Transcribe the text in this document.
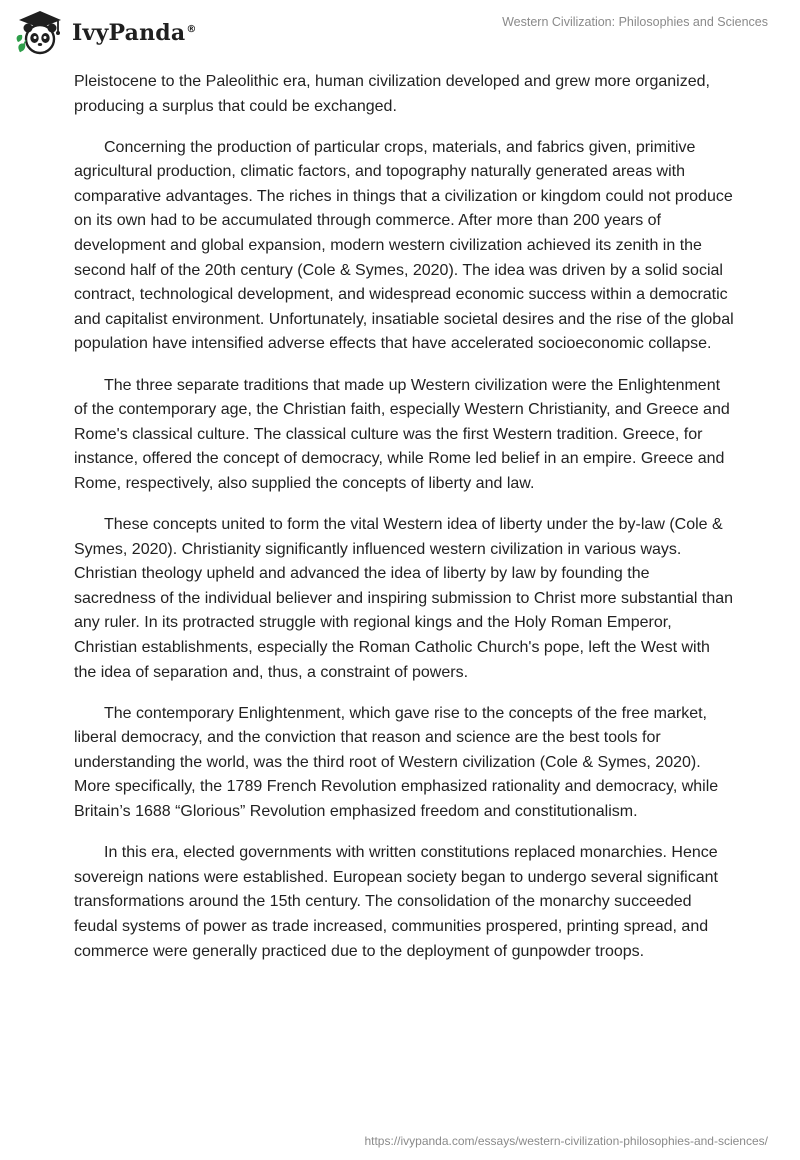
IvyPanda®
Western Civilization: Philosophies and Sciences

Pleistocene to the Paleolithic era, human civilization developed and grew more organized, producing a surplus that could be exchanged.

Concerning the production of particular crops, materials, and fabrics given, primitive agricultural production, climatic factors, and topography naturally generated areas with comparative advantages. The riches in things that a civilization or kingdom could not produce on its own had to be accumulated through commerce. After more than 200 years of development and global expansion, modern western civilization achieved its zenith in the second half of the 20th century (Cole & Symes, 2020). The idea was driven by a solid social contract, technological development, and widespread economic success within a democratic and capitalist environment. Unfortunately, insatiable societal desires and the rise of the global population have intensified adverse effects that have accelerated socioeconomic collapse.

The three separate traditions that made up Western civilization were the Enlightenment of the contemporary age, the Christian faith, especially Western Christianity, and Greece and Rome's classical culture. The classical culture was the first Western tradition. Greece, for instance, offered the concept of democracy, while Rome led belief in an empire. Greece and Rome, respectively, also supplied the concepts of liberty and law.

These concepts united to form the vital Western idea of liberty under the by-law (Cole & Symes, 2020). Christianity significantly influenced western civilization in various ways. Christian theology upheld and advanced the idea of liberty by law by founding the sacredness of the individual believer and inspiring submission to Christ more substantial than any ruler. In its protracted struggle with regional kings and the Holy Roman Emperor, Christian establishments, especially the Roman Catholic Church's pope, left the West with the idea of separation and, thus, a constraint of powers.

The contemporary Enlightenment, which gave rise to the concepts of the free market, liberal democracy, and the conviction that reason and science are the best tools for understanding the world, was the third root of Western civilization (Cole & Symes, 2020). More specifically, the 1789 French Revolution emphasized rationality and democracy, while Britain’s 1688 “Glorious” Revolution emphasized freedom and constitutionalism.

In this era, elected governments with written constitutions replaced monarchies. Hence sovereign nations were established. European society began to undergo several significant transformations around the 15th century. The consolidation of the monarchy succeeded feudal systems of power as trade increased, communities prospered, printing spread, and commerce were generally practiced due to the deployment of gunpowder troops.

https://ivypanda.com/essays/western-civilization-philosophies-and-sciences/
